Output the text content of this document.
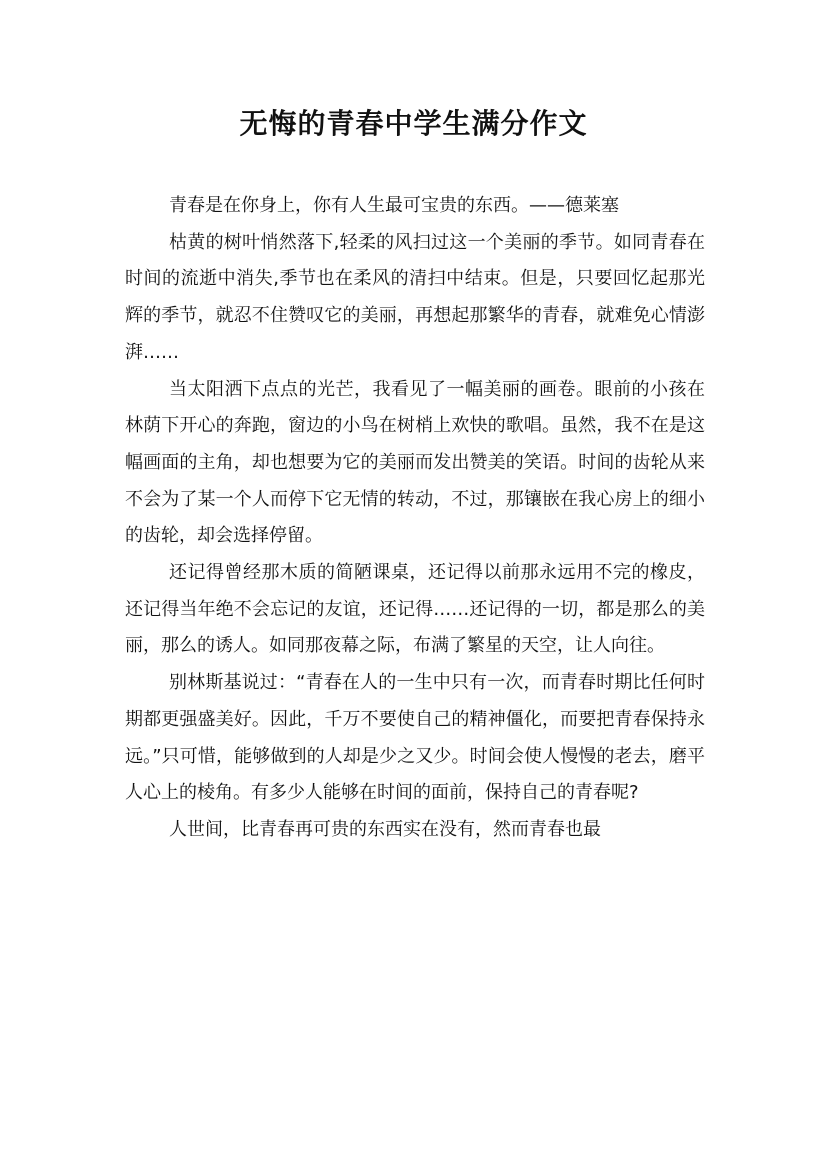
无悔的青春中学生满分作文

青春是在你身上，你有人生最可宝贵的东西。——德莱塞

枯黄的树叶悄然落下,轻柔的风扫过这一个美丽的季节。如同青春在时间的流逝中消失,季节也在柔风的清扫中结束。但是，只要回忆起那光辉的季节，就忍不住赞叹它的美丽，再想起那繁华的青春，就难免心情澎湃……

当太阳洒下点点的光芒，我看见了一幅美丽的画卷。眼前的小孩在林荫下开心的奔跑，窗边的小鸟在树梢上欢快的歌唱。虽然，我不在是这幅画面的主角，却也想要为它的美丽而发出赞美的笑语。时间的齿轮从来不会为了某一个人而停下它无情的转动，不过，那镶嵌在我心房上的细小的齿轮，却会选择停留。

还记得曾经那木质的简陋课桌，还记得以前那永远用不完的橡皮，还记得当年绝不会忘记的友谊，还记得……还记得的一切，都是那么的美丽，那么的诱人。如同那夜幕之际，布满了繁星的天空，让人向往。

别林斯基说过：“青春在人的一生中只有一次，而青春时期比任何时期都更强盛美好。因此，千万不要使自己的精神僵化，而要把青春保持永远。”只可惜，能够做到的人却是少之又少。时间会使人慢慢的老去，磨平人心上的棱角。有多少人能够在时间的面前，保持自己的青春呢?

人世间，比青春再可贵的东西实在没有，然而青春也最
